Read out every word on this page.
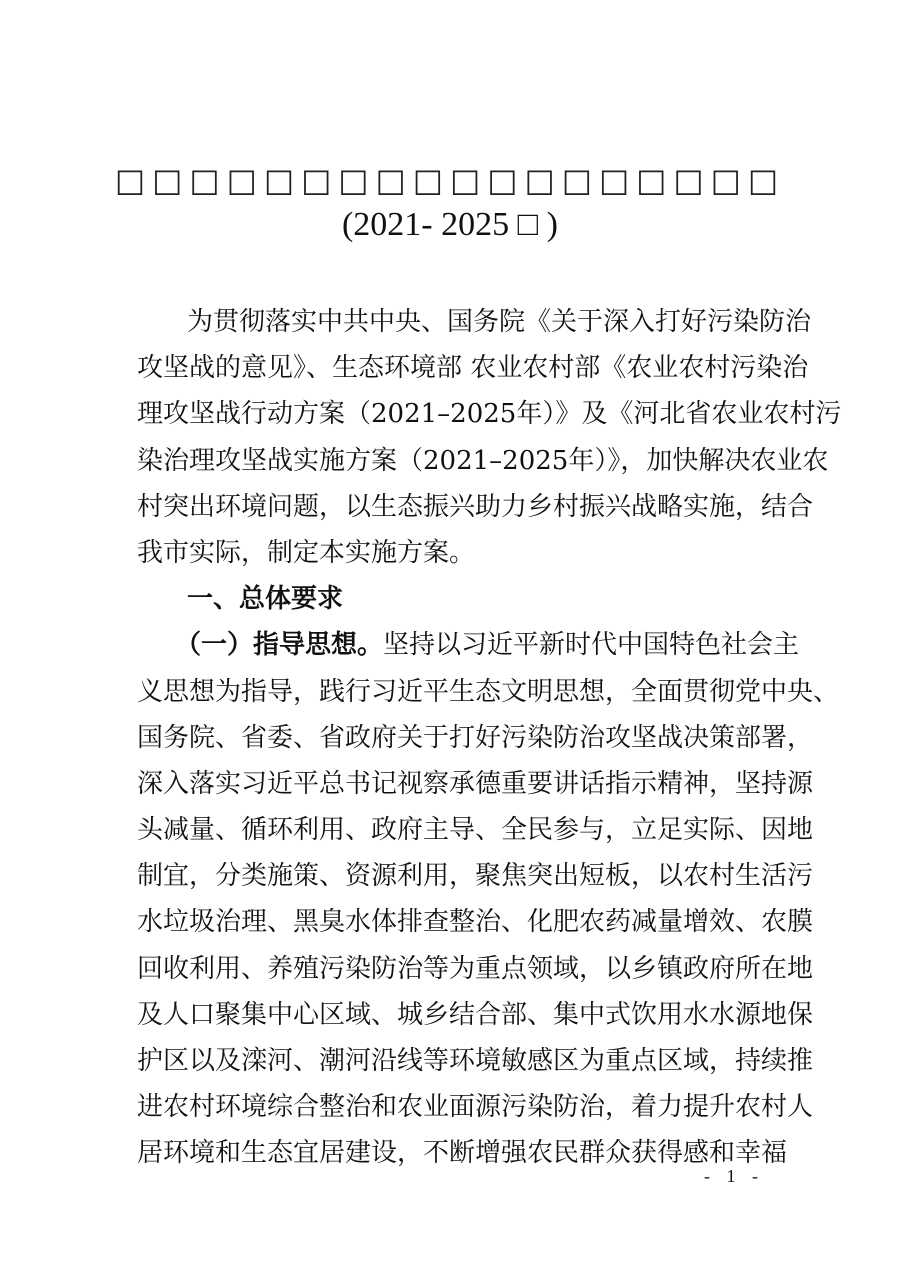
□□□□□□□□□□□□□□□□□□
(2021- 2025 □ )
为贯彻落实中共中央、国务院《关于深入打好污染防治
攻坚战的意见》、生态环境部 农业农村部《农业农村污染治
理攻坚战行动方案（2021–2025年）》及《河北省农业农村污
染治理攻坚战实施方案（2021–2025年）》，加快解决农业农
村突出环境问题，以生态振兴助力乡村振兴战略实施，结合
我市实际，制定本实施方案。
一、总体要求
（一）指导思想。坚持以习近平新时代中国特色社会主
义思想为指导，践行习近平生态文明思想，全面贯彻党中央、
国务院、省委、省政府关于打好污染防治攻坚战决策部署，
深入落实习近平总书记视察承德重要讲话指示精神，坚持源
头减量、循环利用、政府主导、全民参与，立足实际、因地
制宜，分类施策、资源利用，聚焦突出短板，以农村生活污
水垃圾治理、黑臭水体排查整治、化肥农药减量增效、农膜
回收利用、养殖污染防治等为重点领域，以乡镇政府所在地
及人口聚集中心区域、城乡结合部、集中式饮用水水源地保
护区以及滦河、潮河沿线等环境敏感区为重点区域，持续推
进农村环境综合整治和农业面源污染防治，着力提升农村人
居环境和生态宜居建设，不断增强农民群众获得感和幸福
- 1 -
